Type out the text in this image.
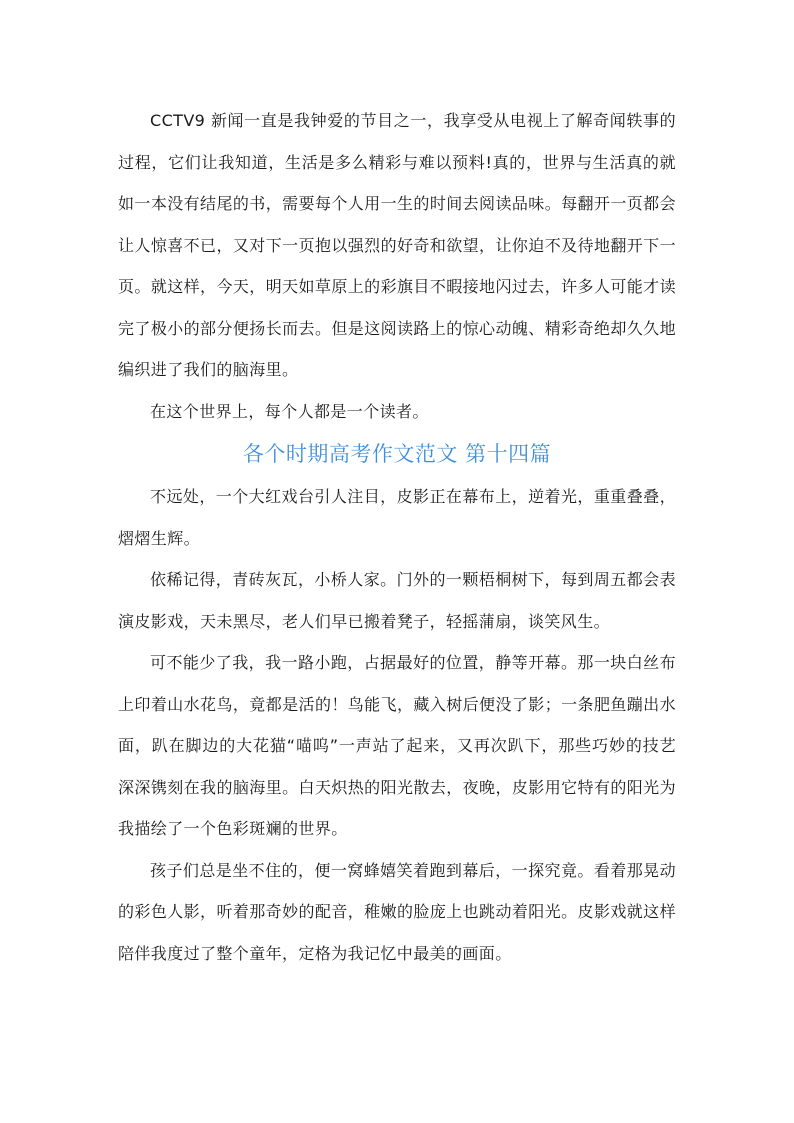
CCTV9 新闻一直是我钟爱的节目之一，我享受从电视上了解奇闻轶事的过程，它们让我知道，生活是多么精彩与难以预料!真的，世界与生活真的就如一本没有结尾的书，需要每个人用一生的时间去阅读品味。每翻开一页都会让人惊喜不已，又对下一页抱以强烈的好奇和欲望，让你迫不及待地翻开下一页。就这样，今天，明天如草原上的彩旗目不暇接地闪过去，许多人可能才读完了极小的部分便扬长而去。但是这阅读路上的惊心动魄、精彩奇绝却久久地编织进了我们的脑海里。

在这个世界上，每个人都是一个读者。

各个时期高考作文范文 第十四篇

不远处，一个大红戏台引人注目，皮影正在幕布上，逆着光，重重叠叠，熠熠生辉。

依稀记得，青砖灰瓦，小桥人家。门外的一颗梧桐树下，每到周五都会表演皮影戏，天未黑尽，老人们早已搬着凳子，轻摇蒲扇，谈笑风生。

可不能少了我，我一路小跑，占据最好的位置，静等开幕。那一块白丝布上印着山水花鸟，竟都是活的！鸟能飞，藏入树后便没了影；一条肥鱼蹦出水面，趴在脚边的大花猫“喵呜”一声站了起来，又再次趴下，那些巧妙的技艺深深镌刻在我的脑海里。白天炽热的阳光散去，夜晚，皮影用它特有的阳光为我描绘了一个色彩斑斓的世界。

孩子们总是坐不住的，便一窝蜂嬉笑着跑到幕后，一探究竟。看着那晃动的彩色人影，听着那奇妙的配音，稚嫩的脸庞上也跳动着阳光。皮影戏就这样陪伴我度过了整个童年，定格为我记忆中最美的画面。
